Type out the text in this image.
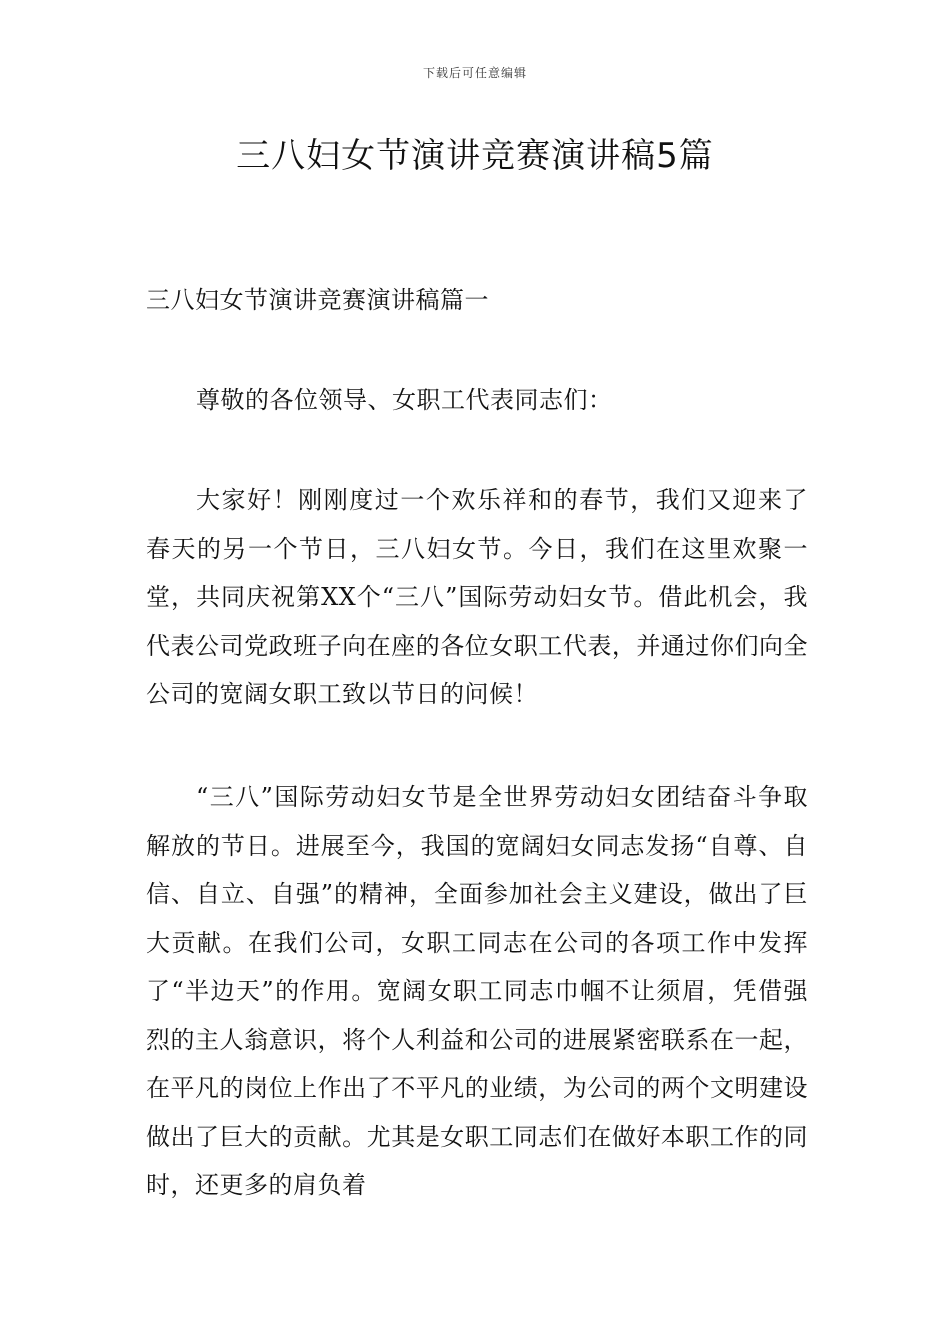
下载后可任意编辑
三八妇女节演讲竞赛演讲稿5篇
三八妇女节演讲竞赛演讲稿篇一
尊敬的各位领导、女职工代表同志们：

大家好！刚刚度过一个欢乐祥和的春节，我们又迎来了春天的另一个节日，三八妇女节。今日，我们在这里欢聚一堂，共同庆祝第XX个“三八”国际劳动妇女节。借此机会，我代表公司党政班子向在座的各位女职工代表，并通过你们向全公司的宽阔女职工致以节日的问候！

“三八”国际劳动妇女节是全世界劳动妇女团结奋斗争取解放的节日。进展至今，我国的宽阔妇女同志发扬“自尊、自信、自立、自强”的精神，全面参加社会主义建设，做出了巨大贡献。在我们公司，女职工同志在公司的各项工作中发挥了“半边天”的作用。宽阔女职工同志巾帼不让须眉，凭借强烈的主人翁意识，将个人利益和公司的进展紧密联系在一起，在平凡的岗位上作出了不平凡的业绩，为公司的两个文明建设做出了巨大的贡献。尤其是女职工同志们在做好本职工作的同时，还更多的肩负着
